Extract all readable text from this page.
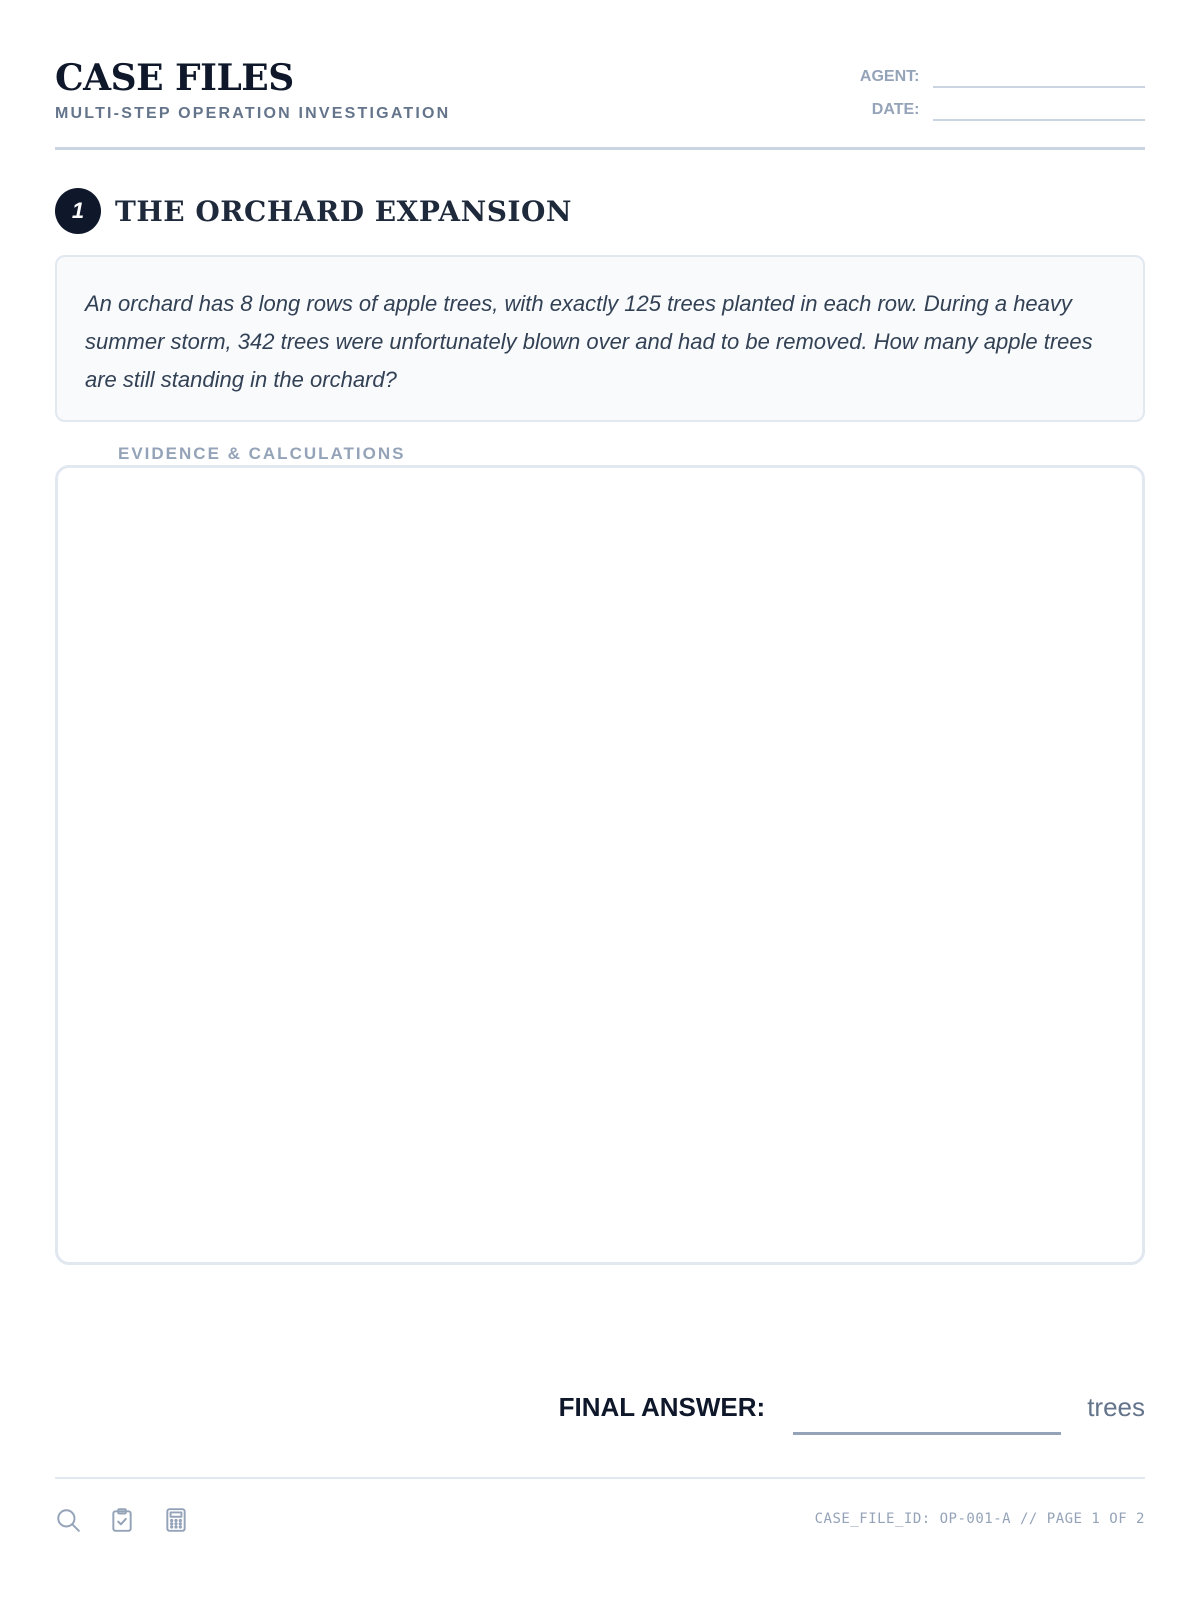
CASE FILES
MULTI-STEP OPERATION INVESTIGATION
AGENT:
DATE:
1	THE ORCHARD EXPANSION
An orchard has 8 long rows of apple trees, with exactly 125 trees planted in each row. During a heavy summer storm, 342 trees were unfortunately blown over and had to be removed. How many apple trees are still standing in the orchard?
EVIDENCE & CALCULATIONS
FINAL ANSWER:	trees
CASE_FILE_ID: OP-001-A // PAGE 1 OF 2
